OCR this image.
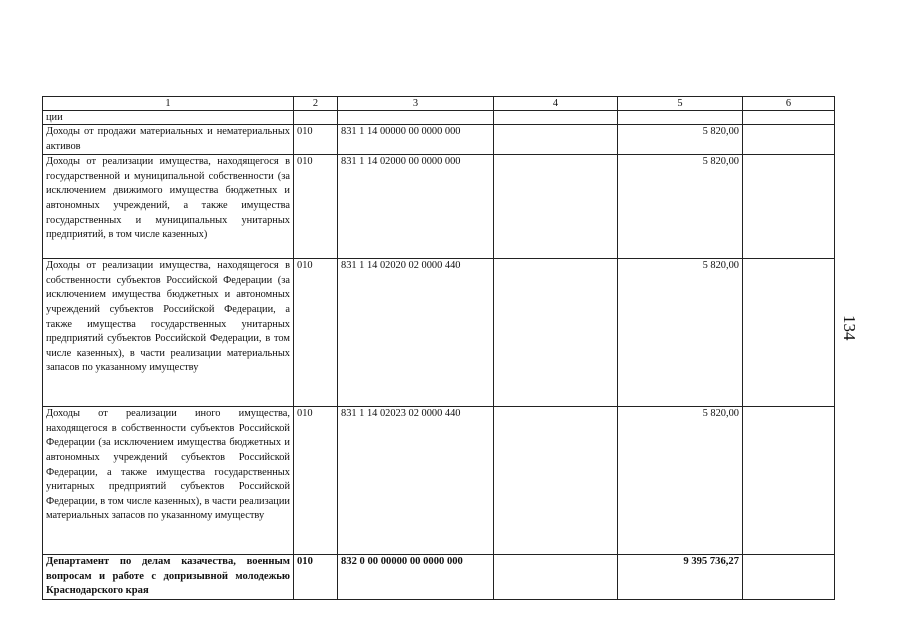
1	2	3	4	5	6
ции					
Доходы от продажи материальных и нематериальных активов	010	831 1 14 00000 00 0000 000		5 820,00	
Доходы от реализации имущества, находящегося в государственной и муниципальной собственности (за исключением движимого имущества бюджетных и автономных учреждений, а также имущества государственных и муниципальных унитарных предприятий, в том числе казенных)	010	831 1 14 02000 00 0000 000		5 820,00	
Доходы от реализации имущества, находящегося в собственности субъектов Российской Федерации (за исключением имущества бюджетных и автономных учреждений субъектов Российской Федерации, а также имущества государственных унитарных предприятий субъектов Российской Федерации, в том числе казенных), в части реализации материальных запасов по указанному имуществу	010	831 1 14 02020 02 0000 440		5 820,00	
Доходы от реализации иного имущества, находящегося в собственности субъектов Российской Федерации (за исключением имущества бюджетных и автономных учреждений субъектов Российской Федерации, а также имущества государственных унитарных предприятий субъектов Российской Федерации, в том числе казенных), в части реализации материальных запасов по указанному имуществу	010	831 1 14 02023 02 0000 440		5 820,00	
Департамент по делам казачества, военным вопросам и работе с допризывной молодежью Краснодарского края	010	832 0 00 00000 00 0000 000		9 395 736,27	
134
